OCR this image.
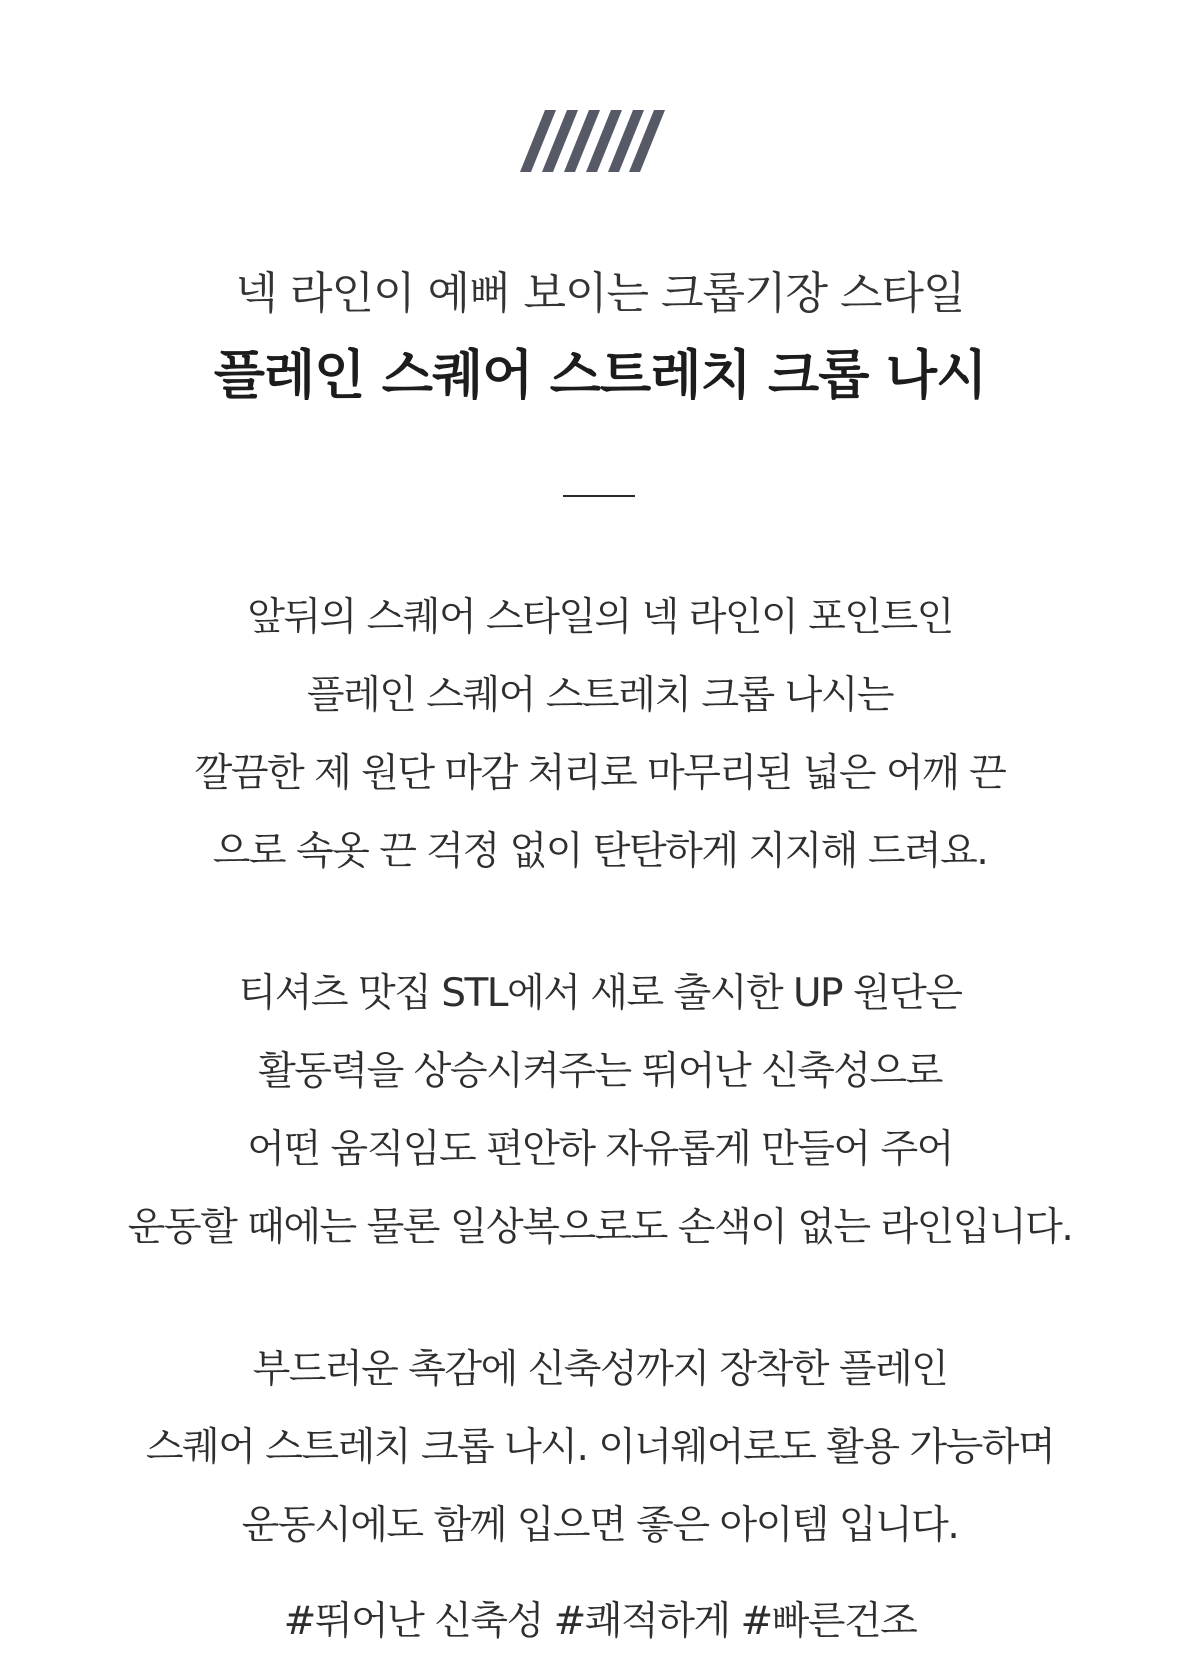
넥 라인이 예뻐 보이는 크롭기장 스타일
플레인 스퀘어 스트레치 크롭 나시
앞뒤의 스퀘어 스타일의 넥 라인이 포인트인
플레인 스퀘어 스트레치 크롭 나시는
깔끔한 제 원단 마감 처리로 마무리된 넓은 어깨 끈
으로 속옷 끈 걱정 없이 탄탄하게 지지해 드려요.
티셔츠 맛집 STL에서 새로 출시한 UP 원단은
활동력을 상승시켜주는 뛰어난 신축성으로
어떤 움직임도 편안하 자유롭게 만들어 주어
운동할 때에는 물론 일상복으로도 손색이 없는 라인입니다.
부드러운 촉감에 신축성까지 장착한 플레인
스퀘어 스트레치 크롭 나시. 이너웨어로도 활용 가능하며
운동시에도 함께 입으면 좋은 아이템 입니다.
#뛰어난 신축성 #쾌적하게 #빠른건조
